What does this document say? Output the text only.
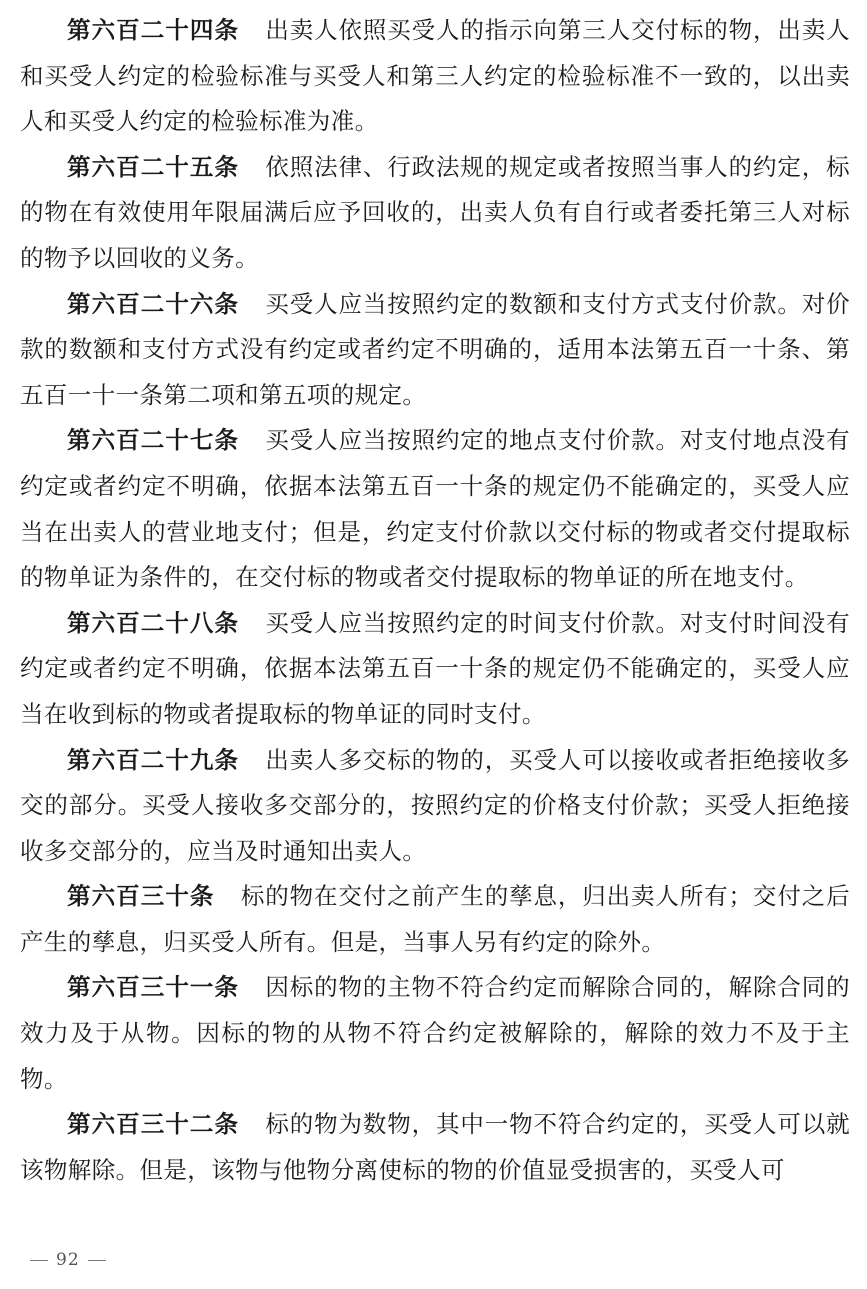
第六百二十四条 出卖人依照买受人的指示向第三人交付标的物，出卖人和买受人约定的检验标准与买受人和第三人约定的检验标准不一致的，以出卖人和买受人约定的检验标准为准。

第六百二十五条 依照法律、行政法规的规定或者按照当事人的约定，标的物在有效使用年限届满后应予回收的，出卖人负有自行或者委托第三人对标的物予以回收的义务。

第六百二十六条 买受人应当按照约定的数额和支付方式支付价款。对价款的数额和支付方式没有约定或者约定不明确的，适用本法第五百一十条、第五百一十一条第二项和第五项的规定。

第六百二十七条 买受人应当按照约定的地点支付价款。对支付地点没有约定或者约定不明确，依据本法第五百一十条的规定仍不能确定的，买受人应当在出卖人的营业地支付；但是，约定支付价款以交付标的物或者交付提取标的物单证为条件的，在交付标的物或者交付提取标的物单证的所在地支付。

第六百二十八条 买受人应当按照约定的时间支付价款。对支付时间没有约定或者约定不明确，依据本法第五百一十条的规定仍不能确定的，买受人应当在收到标的物或者提取标的物单证的同时支付。

第六百二十九条 出卖人多交标的物的，买受人可以接收或者拒绝接收多交的部分。买受人接收多交部分的，按照约定的价格支付价款；买受人拒绝接收多交部分的，应当及时通知出卖人。

第六百三十条 标的物在交付之前产生的孳息，归出卖人所有；交付之后产生的孳息，归买受人所有。但是，当事人另有约定的除外。

第六百三十一条 因标的物的主物不符合约定而解除合同的，解除合同的效力及于从物。因标的物的从物不符合约定被解除的，解除的效力不及于主物。

第六百三十二条 标的物为数物，其中一物不符合约定的，买受人可以就该物解除。但是，该物与他物分离使标的物的价值显受损害的，买受人可

92
